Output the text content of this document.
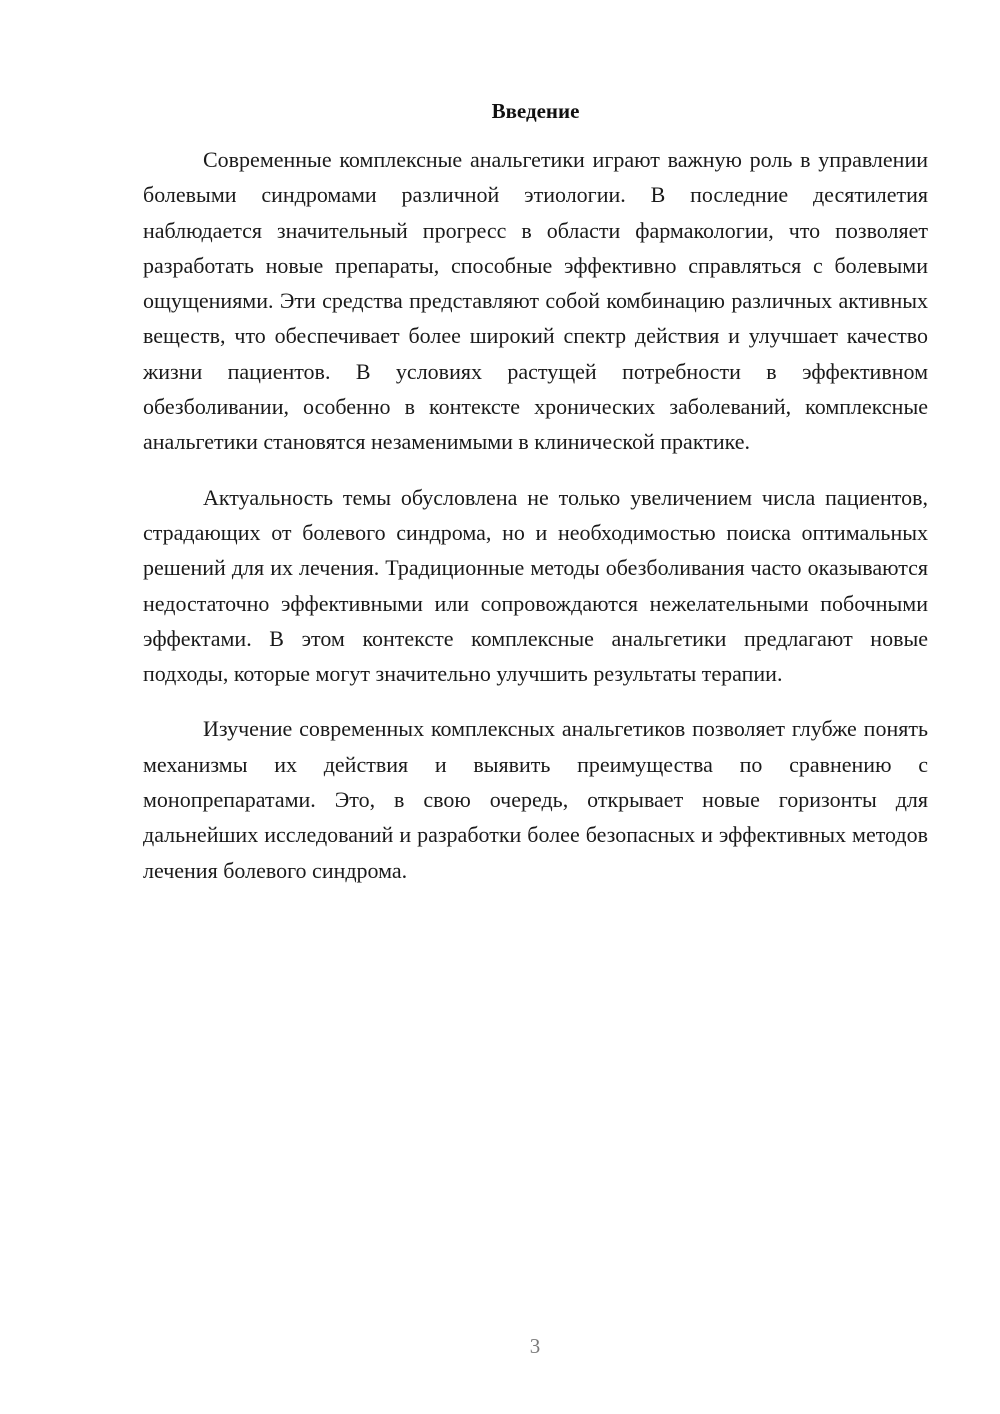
Введение

Современные комплексные анальгетики играют важную роль в управлении болевыми синдромами различной этиологии. В последние десятилетия наблюдается значительный прогресс в области фармакологии, что позволяет разработать новые препараты, способные эффективно справляться с болевыми ощущениями. Эти средства представляют собой комбинацию различных активных веществ, что обеспечивает более широкий спектр действия и улучшает качество жизни пациентов. В условиях растущей потребности в эффективном обезболивании, особенно в контексте хронических заболеваний, комплексные анальгетики становятся незаменимыми в клинической практике.

Актуальность темы обусловлена не только увеличением числа пациентов, страдающих от болевого синдрома, но и необходимостью поиска оптимальных решений для их лечения. Традиционные методы обезболивания часто оказываются недостаточно эффективными или сопровождаются нежелательными побочными эффектами. В этом контексте комплексные анальгетики предлагают новые подходы, которые могут значительно улучшить результаты терапии.

Изучение современных комплексных анальгетиков позволяет глубже понять механизмы их действия и выявить преимущества по сравнению с монопрепаратами. Это, в свою очередь, открывает новые горизонты для дальнейших исследований и разработки более безопасных и эффективных методов лечения болевого синдрома.

3
